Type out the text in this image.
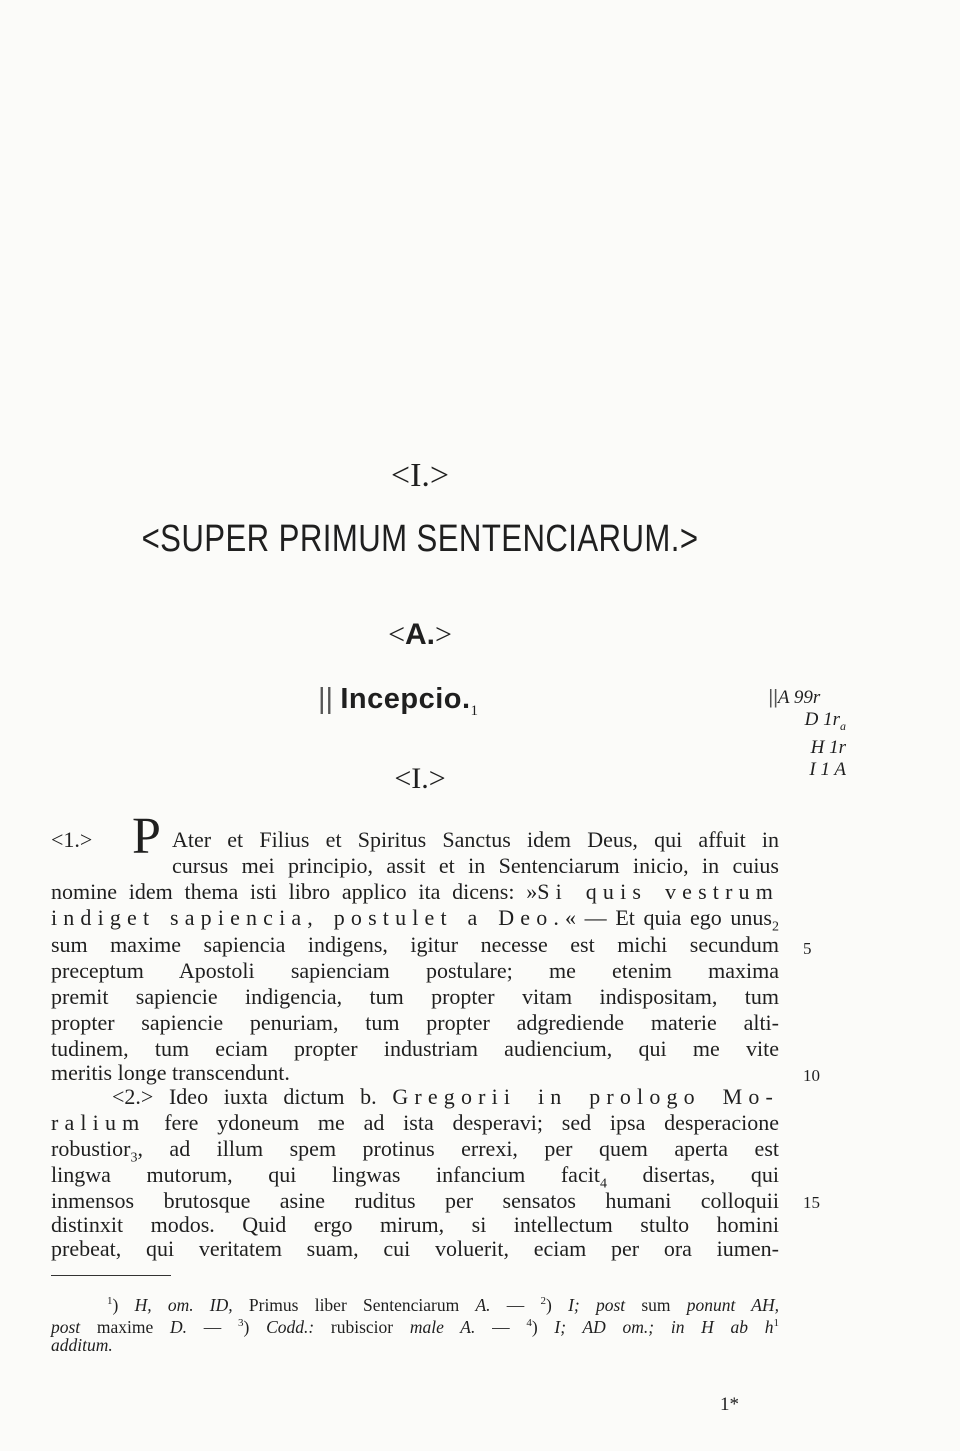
<I.>
<SUPER PRIMUM SENTENCIARUM.>
<A.>
|| $Incepcio._1$
<I.>
||A 99r
D $1r_a$
H 1r
I 1 A
P
<1.>	Ater et Filius et Spiritus Sanctus idem Deus, qui affuit in
cursus mei principio, assit et in Sentenciarum inicio, in cuius
nomine idem thema isti libro applico ita dicens: »Si quis vestrum
indiget sapiencia, postulet a Deo.« — Et quia ego unus$_2$
sum maxime sapiencia indigens, igitur necesse est michi secundum
preceptum Apostoli sapienciam postulare; me etenim maxima
premit sapiencie indigencia, tum propter vitam indispositam, tum
propter sapiencie penuriam, tum propter adgrediende materie alti-
tudinem, tum eciam propter industriam audiencium, qui me vite
meritis longe transcendunt.
<2.> Ideo iuxta dictum b. Gregorii in prologo Mo-
ralium fere ydoneum me ad ista desperavi; sed ipsa desperacione
robustior$_3$, ad illum spem protinus errexi, per quem aperta est
lingwa mutorum, qui lingwas infancium facit$_4$ disertas, qui
inmensos brutosque asine ruditus per sensatos humani colloquii
distinxit modos. Quid ergo mirum, si intellectum stulto homini
prebeat, qui veritatem suam, cui voluerit, eciam per ora iumen-
5
10
15
$^1$) H, om. ID, Primus liber Sentenciarum A. — $^2$) I; post sum ponunt AH,
post maxime D. — $^3$) Codd.: rubiscior male A. — $^4$) I; AD om.; in H ab $h^1$
additum.
1*
